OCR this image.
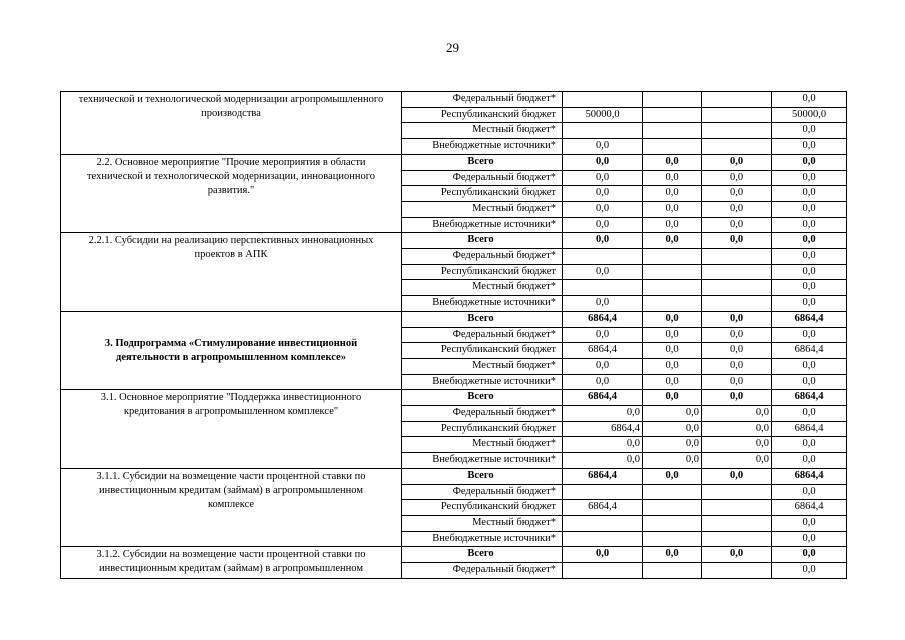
29
технической и технологической модернизации агропромышленного производства	Федеральный бюджет*				0,0
	Республиканский бюджет	50000,0			50000,0
	Местный бюджет*				0,0
	Внебюджетные источники*	0,0			0,0
2.2. Основное мероприятие "Прочие мероприятия в области технической и технологической модернизации, инновационного развития."	Всего	0,0	0,0	0,0	0,0
	Федеральный бюджет*	0,0	0,0	0,0	0,0
	Республиканский бюджет	0,0	0,0	0,0	0,0
	Местный бюджет*	0,0	0,0	0,0	0,0
	Внебюджетные источники*	0,0	0,0	0,0	0,0
2.2.1. Субсидии на реализацию перспективных инновационных проектов в АПК	Всего	0,0	0,0	0,0	0,0
	Федеральный бюджет*				0,0
	Республиканский бюджет	0,0			0,0
	Местный бюджет*				0,0
	Внебюджетные источники*	0,0			0,0
3. Подпрограмма «Стимулирование инвестиционной деятельности в агропромышленном комплексе»	Всего	6864,4	0,0	0,0	6864,4
	Федеральный бюджет*	0,0	0,0	0,0	0,0
	Республиканский бюджет	6864,4	0,0	0,0	6864,4
	Местный бюджет*	0,0	0,0	0,0	0,0
	Внебюджетные источники*	0,0	0,0	0,0	0,0
3.1. Основное мероприятие "Поддержка инвестиционного кредитования в агропромышленном комплексе"	Всего	6864,4	0,0	0,0	6864,4
	Федеральный бюджет*	0,0	0,0	0,0	0,0
	Республиканский бюджет	6864,4	0,0	0,0	6864,4
	Местный бюджет*	0,0	0,0	0,0	0,0
	Внебюджетные источники*	0,0	0,0	0,0	0,0
3.1.1. Субсидии на возмещение части процентной ставки по инвестиционным кредитам (займам) в агропромышленном комплексе	Всего	6864,4	0,0	0,0	6864,4
	Федеральный бюджет*				0,0
	Республиканский бюджет	6864,4			6864,4
	Местный бюджет*				0,0
	Внебюджетные источники*				0,0
3.1.2. Субсидии на возмещение части процентной ставки по инвестиционным кредитам (займам) в агропромышленном	Всего	0,0	0,0	0,0	0,0
	Федеральный бюджет*				0,0
